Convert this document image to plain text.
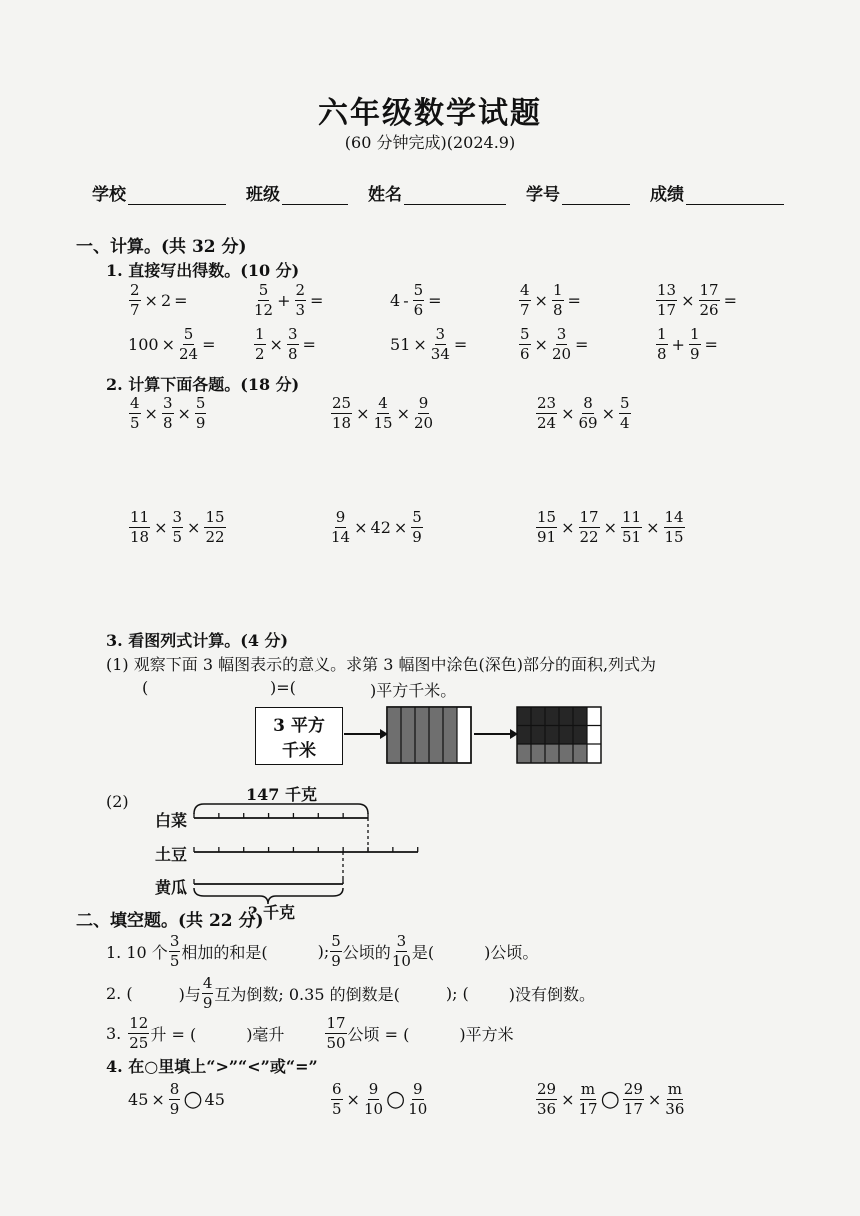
六年级数学试题
(60 分钟完成)(2024.9)
学校	班级	姓名	学号	成绩
一、计算。(共 32 分)
1. 直接写出得数。(10 分)
$\frac{2}{7} \times 2$ =	$\frac{5}{12} + \frac{2}{3}$ =	$4 - \frac{5}{6}$ =	$\frac{4}{7} \times \frac{1}{8}$ =	$\frac{13}{17} \times \frac{17}{26}$ =
1 0 $0 \times \frac{5}{24}$ =	$\frac{1}{2} \times \frac{3}{8}$ =	5 $1 \times \frac{3}{34}$ =	$\frac{5}{6} \times \frac{3}{20}$ =	$\frac{1}{8} + \frac{1}{9}$ =
2. 计算下面各题。(18 分)
$\frac{4}{5} \times \frac{3}{8} \times \frac{5}{9}$	$\frac{25}{18} \times \frac{4}{15} \times \frac{9}{20}$	$\frac{23}{24} \times \frac{8}{69} \times \frac{5}{4}$
$\frac{11}{18} \times \frac{3}{5} \times \frac{15}{22}$	$\frac{9}{14} \times 4$ $2 \times \frac{5}{9}$	$\frac{15}{91} \times \frac{17}{22} \times \frac{11}{51} \times \frac{14}{15}$
3. 看图列式计算。(4 分)
(1) 观察下面 3 幅图表示的意义。求第 3 幅图中涂色(深色)部分的面积,列式为
(	)=(	)平方千米。
3 平方
千米
(2)	147 千克
白菜
土豆
黄瓜
? 千克
二、填空题。(共 22 分)
1. 10 个 $\frac{3}{5}$ 相加的和是(	); $\frac{5}{9}$ 公顷的 $\frac{3}{10}$ 是(	)公顷。
2. (	)与 $\frac{4}{9}$ 互为倒数; 0.35 的倒数是(	); (	)没有倒数。
3. $\frac{12}{25}$ 升 = (	)毫升	$\frac{17}{50}$ 公顷 = (	)平方米
4. 在○里填上“>”“<”或“=”
4 $5 \times \frac{8}{9}$ ○ 4 5	$\frac{6}{5} \times \frac{9}{10}$ ○ $\frac{9}{10}$	$\frac{29}{36} \times \frac{m}{17}$ ○ $\frac{29}{17} \times \frac{m}{36}$
